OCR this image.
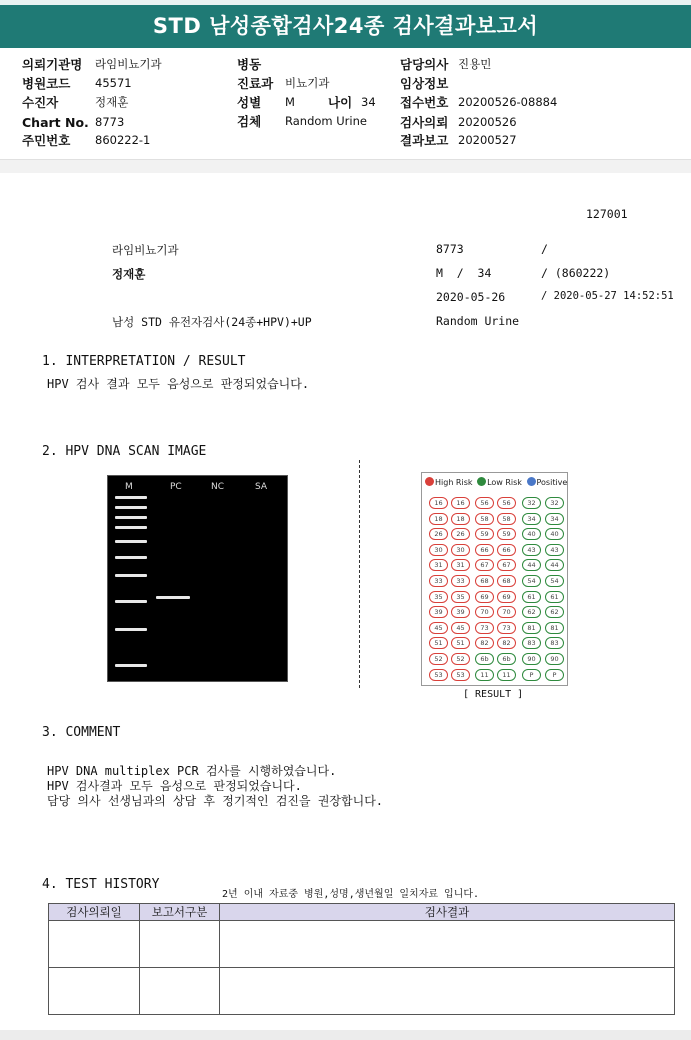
STD 남성종합검사24종 검사결과보고서
의뢰기관명 라임비뇨기과
병원코드 45571
수진자	정재훈
Chart No. 8773
주민번호 860222-1
병동
진료과 비뇨기과
성별 M	나이 34
검체 Random Urine
담당의사 진용민
임상정보
접수번호 20200526-08884
검사의뢰 20200526
결과보고 20200527
127001
라임비뇨기과	8773	/
정재훈	M  /  34	/ (860222)
2020-05-26	/ 2020-05-27 14:52:51
남성 STD 유전자검사(24종+HPV)+UP	Random Urine
1. INTERPRETATION / RESULT
HPV 검사 결과 모두 음성으로 판정되었습니다.
2. HPV DNA SCAN IMAGE
M	PC	NC	SA	High Risk Low Risk Positive
16	16	56	56	32	32
18	18	58	58	34	34
26	26	59	59	40	40
30	30	66	66	43	43
31	31	67	67	44	44
33	33	68	68	54	54
35	35	69	69	61	61
39	39	70	70	62	62
45	45	73	73	81	81
51	51	82	82	83	83
52	52	6b	6b	90	90
53	53	11	11	P	P
[ RESULT ]
3. COMMENT
HPV DNA multiplex PCR 검사를 시행하였습니다.
HPV 검사결과 모두 음성으로 판정되었습니다.
담당 의사 선생님과의 상담 후 정기적인 검진을 권장합니다.
4. TEST HISTORY
2년 이내 자료중 병원,성명,생년월일 일치자료 입니다.
검사의뢰일	보고서구분	검사결과
